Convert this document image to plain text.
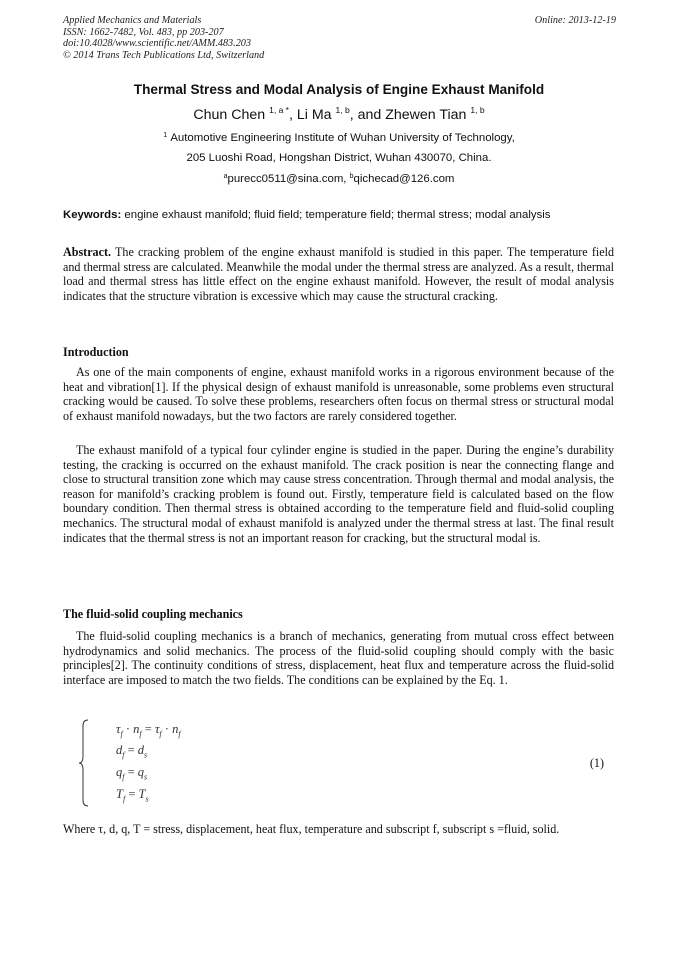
Applied Mechanics and Materials
ISSN: 1662-7482, Vol. 483, pp 203-207
doi:10.4028/www.scientific.net/AMM.483.203
© 2014 Trans Tech Publications Ltd, Switzerland
Online: 2013-12-19
Thermal Stress and Modal Analysis of Engine Exhaust Manifold
Chun Chen $^{1, a *}$, Li Ma $^{1, b}$, and Zhewen Tian $^{1, b}$
$^1$ Automotive Engineering Institute of Wuhan University of Technology,
205 Luoshi Road, Hongshan District, Wuhan 430070, China.
$^a$purecc0511@sina.com, $^b$qichecad@126.com
Keywords: engine exhaust manifold; fluid field; temperature field; thermal stress; modal analysis
Abstract. The cracking problem of the engine exhaust manifold is studied in this paper. The temperature field and thermal stress are calculated. Meanwhile the modal under the thermal stress are analyzed. As a result, thermal load and thermal stress has little effect on the engine exhaust manifold. However, the result of modal analysis indicates that the structure vibration is excessive which may cause the structural cracking.
Introduction
As one of the main components of engine, exhaust manifold works in a rigorous environment because of the heat and vibration[1]. If the physical design of exhaust manifold is unreasonable, some problems even structural cracking would be caused. To solve these problems, researchers often focus on thermal stress or structural modal of exhaust manifold nowadays, but the two factors are rarely considered together.
The exhaust manifold of a typical four cylinder engine is studied in the paper. During the engine’s durability testing, the cracking is occurred on the exhaust manifold. The crack position is near the connecting flange and close to structural transition zone which may cause stress concentration. Through thermal and modal analysis, the reason for manifold’s cracking problem is found out. Firstly, temperature field is calculated based on the flow boundary condition. Then thermal stress is obtained according to the temperature field and fluid-solid coupling mechanics. The structural modal of exhaust manifold is analyzed under the thermal stress at last. The final result indicates that the thermal stress is not an important reason for cracking, but the structural modal is.
The fluid-solid coupling mechanics
The fluid-solid coupling mechanics is a branch of mechanics, generating from mutual cross effect between hydrodynamics and solid mechanics. The process of the fluid-solid coupling should comply with the basic principles[2]. The continuity conditions of stress, displacement, heat flux and temperature across the fluid-solid interface are imposed to match the two fields. The conditions can be explained by the Eq. 1.
$\tau_f \cdot n_f = \tau_f \cdot n_f$
$d_f = d_s$
$q_f = q_s$
$T_f = T_s$
(1)
Where τ, d, q, T = stress, displacement, heat flux, temperature and subscript f, subscript s =fluid, solid.
